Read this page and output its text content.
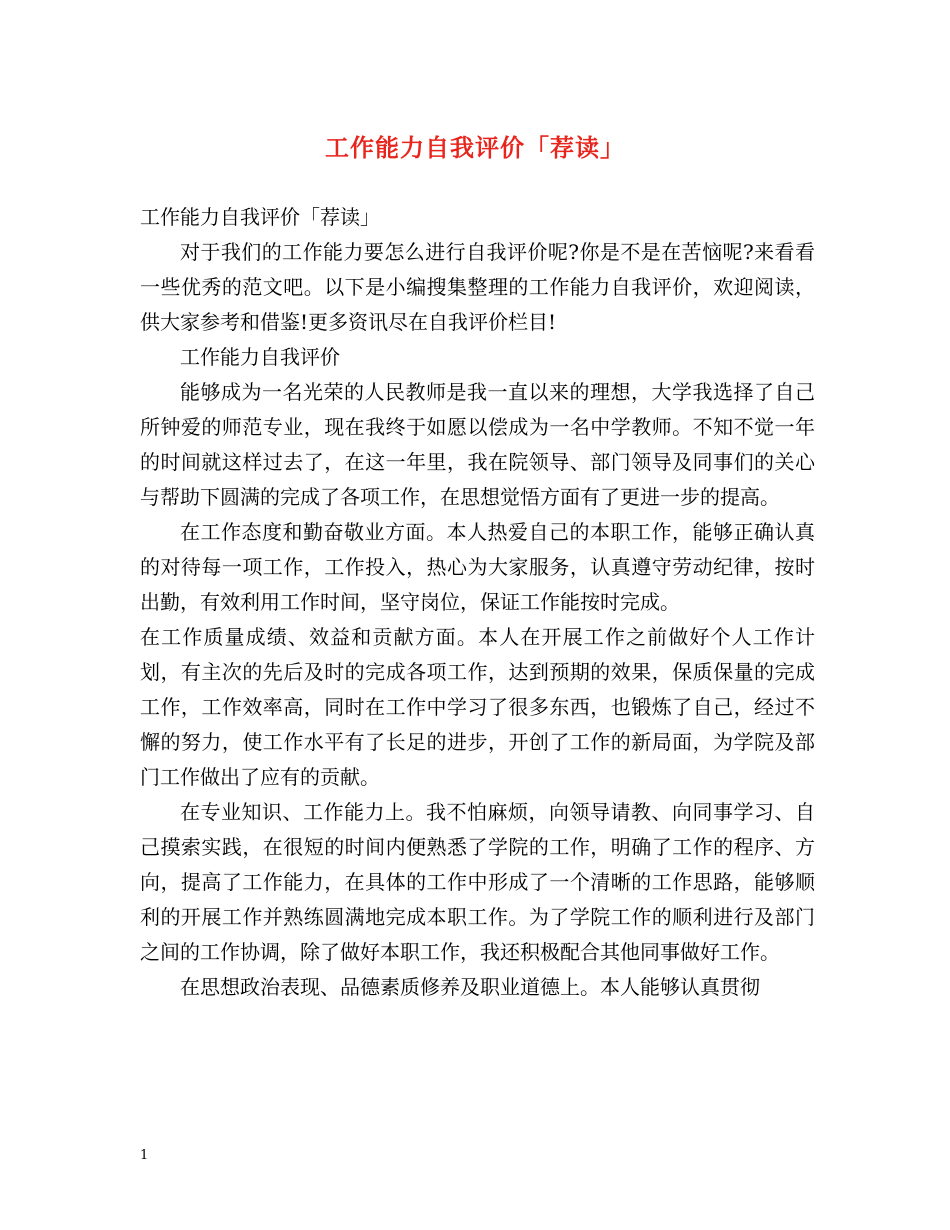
工作能力自我评价「荐读」

工作能力自我评价「荐读」

对于我们的工作能力要怎么进行自我评价呢?你是不是在苦恼呢?来看看一些优秀的范文吧。以下是小编搜集整理的工作能力自我评价，欢迎阅读，供大家参考和借鉴!更多资讯尽在自我评价栏目!

工作能力自我评价

能够成为一名光荣的人民教师是我一直以来的理想，大学我选择了自己所钟爱的师范专业，现在我终于如愿以偿成为一名中学教师。不知不觉一年的时间就这样过去了，在这一年里，我在院领导、部门领导及同事们的关心与帮助下圆满的完成了各项工作，在思想觉悟方面有了更进一步的提高。

在工作态度和勤奋敬业方面。本人热爱自己的本职工作，能够正确认真的对待每一项工作，工作投入，热心为大家服务，认真遵守劳动纪律，按时出勤，有效利用工作时间，坚守岗位，保证工作能按时完成。

在工作质量成绩、效益和贡献方面。本人在开展工作之前做好个人工作计划，有主次的先后及时的完成各项工作，达到预期的效果，保质保量的完成工作，工作效率高，同时在工作中学习了很多东西，也锻炼了自己，经过不懈的努力，使工作水平有了长足的进步，开创了工作的新局面，为学院及部门工作做出了应有的贡献。

在专业知识、工作能力上。我不怕麻烦，向领导请教、向同事学习、自己摸索实践，在很短的时间内便熟悉了学院的工作，明确了工作的程序、方向，提高了工作能力，在具体的工作中形成了一个清晰的工作思路，能够顺利的开展工作并熟练圆满地完成本职工作。为了学院工作的顺利进行及部门之间的工作协调，除了做好本职工作，我还积极配合其他同事做好工作。

在思想政治表现、品德素质修养及职业道德上。本人能够认真贯彻

1
